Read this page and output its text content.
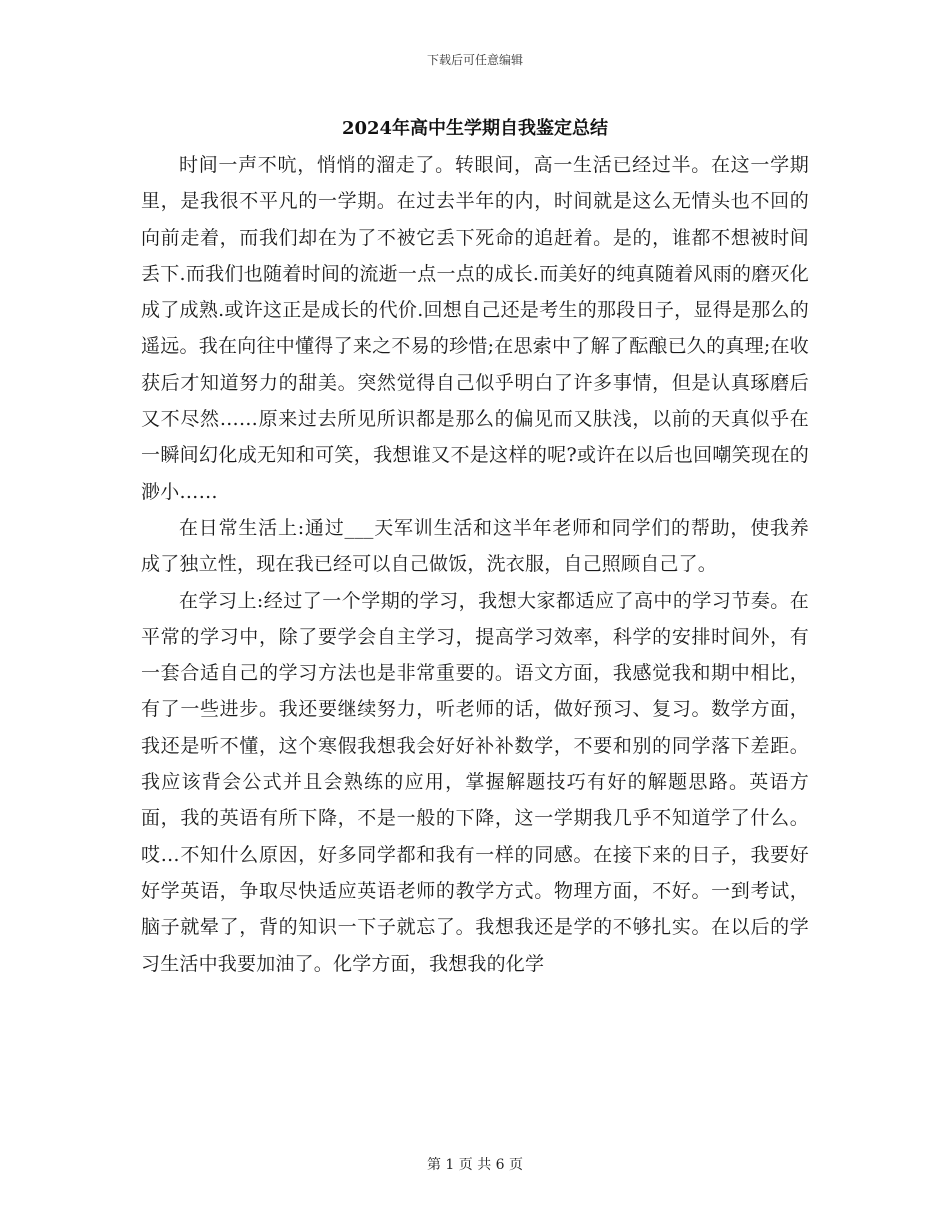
下载后可任意编辑
2024年高中生学期自我鉴定总结

时间一声不吭，悄悄的溜走了。转眼间，高一生活已经过半。在这一学期里，是我很不平凡的一学期。在过去半年的内，时间就是这么无情头也不回的向前走着，而我们却在为了不被它丢下死命的追赶着。是的，谁都不想被时间丢下.而我们也随着时间的流逝一点一点的成长.而美好的纯真随着风雨的磨灭化成了成熟.或许这正是成长的代价.回想自己还是考生的那段日子，显得是那么的遥远。我在向往中懂得了来之不易的珍惜;在思索中了解了酝酿已久的真理;在收获后才知道努力的甜美。突然觉得自己似乎明白了许多事情，但是认真琢磨后又不尽然……原来过去所见所识都是那么的偏见而又肤浅，以前的天真似乎在一瞬间幻化成无知和可笑，我想谁又不是这样的呢?或许在以后也回嘲笑现在的渺小……

在日常生活上:通过___天军训生活和这半年老师和同学们的帮助，使我养成了独立性，现在我已经可以自己做饭，洗衣服，自己照顾自己了。

在学习上:经过了一个学期的学习，我想大家都适应了高中的学习节奏。在平常的学习中，除了要学会自主学习，提高学习效率，科学的安排时间外，有一套合适自己的学习方法也是非常重要的。语文方面，我感觉我和期中相比，有了一些进步。我还要继续努力，听老师的话，做好预习、复习。数学方面，我还是听不懂，这个寒假我想我会好好补补数学，不要和别的同学落下差距。我应该背会公式并且会熟练的应用，掌握解题技巧有好的解题思路。英语方面，我的英语有所下降，不是一般的下降，这一学期我几乎不知道学了什么。哎…不知什么原因，好多同学都和我有一样的同感。在接下来的日子，我要好好学英语，争取尽快适应英语老师的教学方式。物理方面，不好。一到考试，脑子就晕了，背的知识一下子就忘了。我想我还是学的不够扎实。在以后的学习生活中我要加油了。化学方面，我想我的化学

第 1 页 共 6 页
